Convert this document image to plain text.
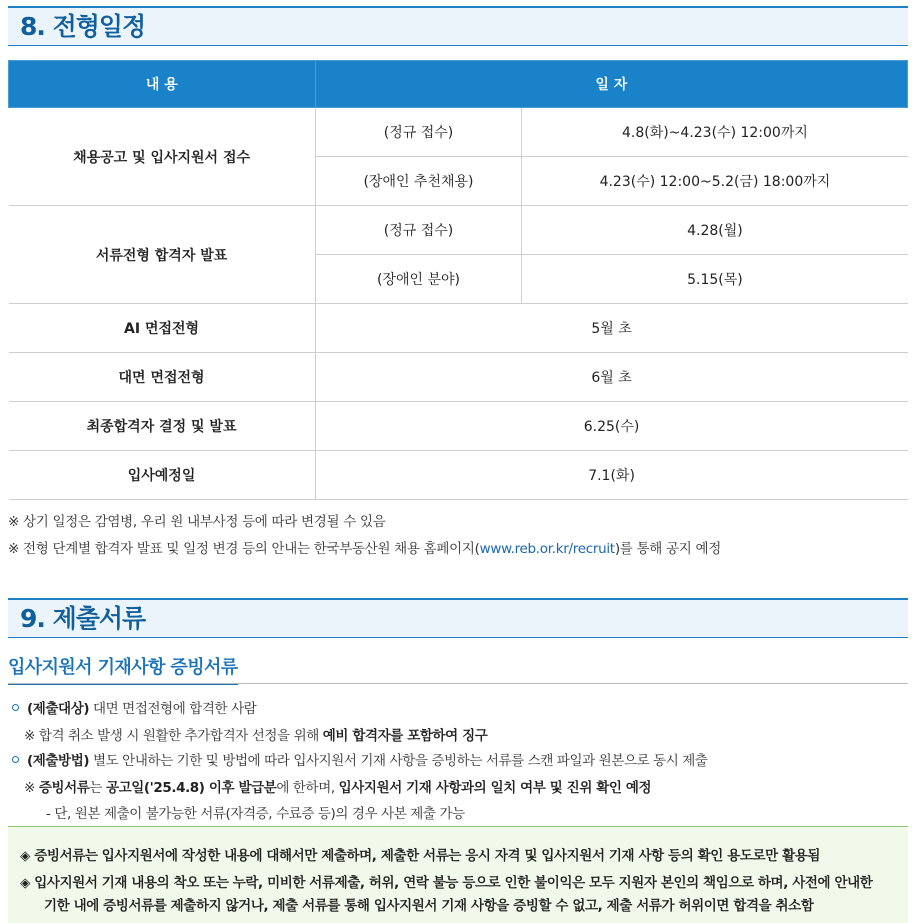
8. 전형일정
내 용	일 자	
채용공고 및 입사지원서 접수	(정규 접수)	4.8(화)~4.23(수) 12:00까지
	(장애인 추천채용)	4.23(수) 12:00~5.2(금) 18:00까지
서류전형 합격자 발표	(정규 접수)	4.28(월)
	(장애인 분야)	5.15(목)
AI 면접전형	5월 초	
대면 면접전형	6월 초	
최종합격자 결정 및 발표	6.25(수)	
입사예정일	7.1(화)	
※ 상기 일정은 감염병, 우리 원 내부사정 등에 따라 변경될 수 있음
※ 전형 단계별 합격자 발표 및 일정 변경 등의 안내는 한국부동산원 채용 홈페이지(www.reb.or.kr/recruit)를 통해 공지 예정
9. 제출서류
입사지원서 기재사항 증빙서류
(제출대상) 대면 면접전형에 합격한 사람
※ 합격 취소 발생 시 원활한 추가합격자 선정을 위해 예비 합격자를 포함하여 징구
(제출방법) 별도 안내하는 기한 및 방법에 따라 입사지원서 기재 사항을 증빙하는 서류를 스캔 파일과 원본으로 동시 제출
※ 증빙서류는 공고일('25.4.8) 이후 발급분에 한하며, 입사지원서 기재 사항과의 일치 여부 및 진위 확인 예정
- 단, 원본 제출이 불가능한 서류(자격증, 수료증 등)의 경우 사본 제출 가능
◈ 증빙서류는 입사지원서에 작성한 내용에 대해서만 제출하며, 제출한 서류는 응시 자격 및 입사지원서 기재 사항 등의 확인 용도로만 활용됨
◈ 입사지원서 기재 내용의 착오 또는 누락, 미비한 서류제출, 허위, 연락 불능 등으로 인한 불이익은 모두 지원자 본인의 책임으로 하며, 사전에 안내한
기한 내에 증빙서류를 제출하지 않거나, 제출 서류를 통해 입사지원서 기재 사항을 증빙할 수 없고, 제출 서류가 허위이면 합격을 취소함
